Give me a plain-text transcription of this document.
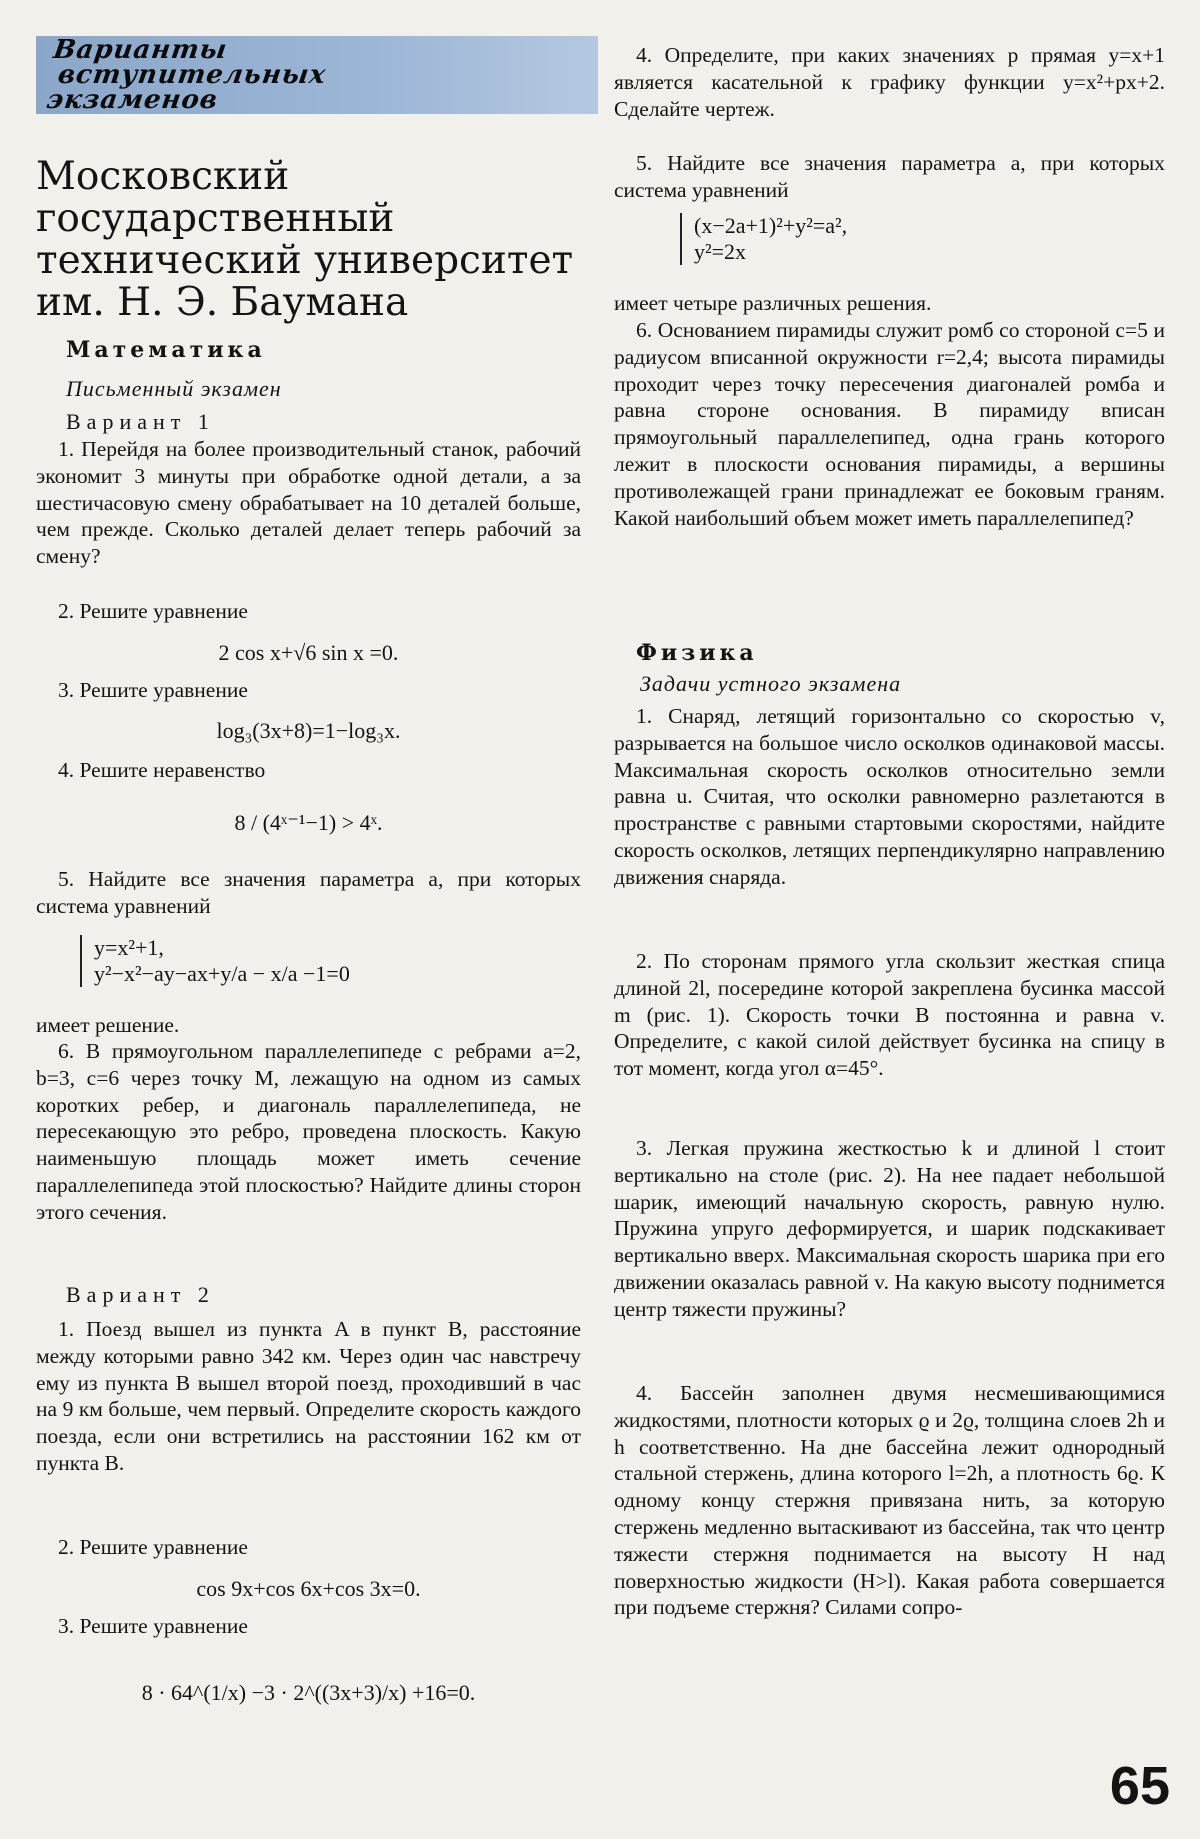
Варианты
вступительных
экзаменов
Московский государственный технический университет им. Н. Э. Баумана

Математика

Письменный экзамен

Вариант 1

1. Перейдя на более производительный станок, рабочий экономит 3 минуты при обработке одной детали, а за шестичасовую смену обрабатывает на 10 деталей больше, чем прежде. Сколько деталей делает теперь рабочий за смену?

2. Решите уравнение

2 cos x+√6 sin x =0.

3. Решите уравнение

log₃(3x+8)=1−log₃x.

4. Решите неравенство

8 / (4ˣ⁻¹−1) > 4ˣ.

5. Найдите все значения параметра a, при которых система уравнений

y=x²+1,
y²−x²−ay−ax+y/a − x/a −1=0

имеет решение.

6. В прямоугольном параллелепипеде с ребрами a=2, b=3, c=6 через точку M, лежащую на одном из самых коротких ребер, и диагональ параллелепипеда, не пересекающую это ребро, проведена плоскость. Какую наименьшую площадь может иметь сечение параллелепипеда этой плоскостью? Найдите длины сторон этого сечения.

Вариант 2

1. Поезд вышел из пункта A в пункт B, расстояние между которыми равно 342 км. Через один час навстречу ему из пункта B вышел второй поезд, проходивший в час на 9 км больше, чем первый. Определите скорость каждого поезда, если они встретились на расстоянии 162 км от пункта B.

2. Решите уравнение

cos 9x+cos 6x+cos 3x=0.

3. Решите уравнение

8 · 64^(1/x) −3 · 2^((3x+3)/x) +16=0.

4. Определите, при каких значениях p прямая y=x+1 является касательной к графику функции y=x²+px+2. Сделайте чертеж.

5. Найдите все значения параметра a, при которых система уравнений

(x−2a+1)²+y²=a²,
y²=2x

имеет четыре различных решения.

6. Основанием пирамиды служит ромб со стороной c=5 и радиусом вписанной окружности r=2,4; высота пирамиды проходит через точку пересечения диагоналей ромба и равна стороне основания. В пирамиду вписан прямоугольный параллелепипед, одна грань которого лежит в плоскости основания пирамиды, а вершины противолежащей грани принадлежат ее боковым граням. Какой наибольший объем может иметь параллелепипед?

Физика

Задачи устного экзамена

1. Снаряд, летящий горизонтально со скоростью v, разрывается на большое число осколков одинаковой массы. Максимальная скорость осколков относительно земли равна u. Считая, что осколки равномерно разлетаются в пространстве с равными стартовыми скоростями, найдите скорость осколков, летящих перпендикулярно направлению движения снаряда.

2. По сторонам прямого угла скользит жесткая спица длиной 2l, посередине которой закреплена бусинка массой m (рис. 1). Скорость точки B постоянна и равна v. Определите, с какой силой действует бусинка на спицу в тот момент, когда угол α=45°.

3. Легкая пружина жесткостью k и длиной l стоит вертикально на столе (рис. 2). На нее падает небольшой шарик, имеющий начальную скорость, равную нулю. Пружина упруго деформируется, и шарик подскакивает вертикально вверх. Максимальная скорость шарика при его движении оказалась равной v. На какую высоту поднимется центр тяжести пружины?

4. Бассейн заполнен двумя несмешивающимися жидкостями, плотности которых ϱ и 2ϱ, толщина слоев 2h и h соответственно. На дне бассейна лежит однородный стальной стержень, длина которого l=2h, а плотность 6ϱ. К одному концу стержня привязана нить, за которую стержень медленно вытаскивают из бассейна, так что центр тяжести стержня поднимается на высоту H над поверхностью жидкости (H>l). Какая работа совершается при подъеме стержня? Силами сопро-

65
